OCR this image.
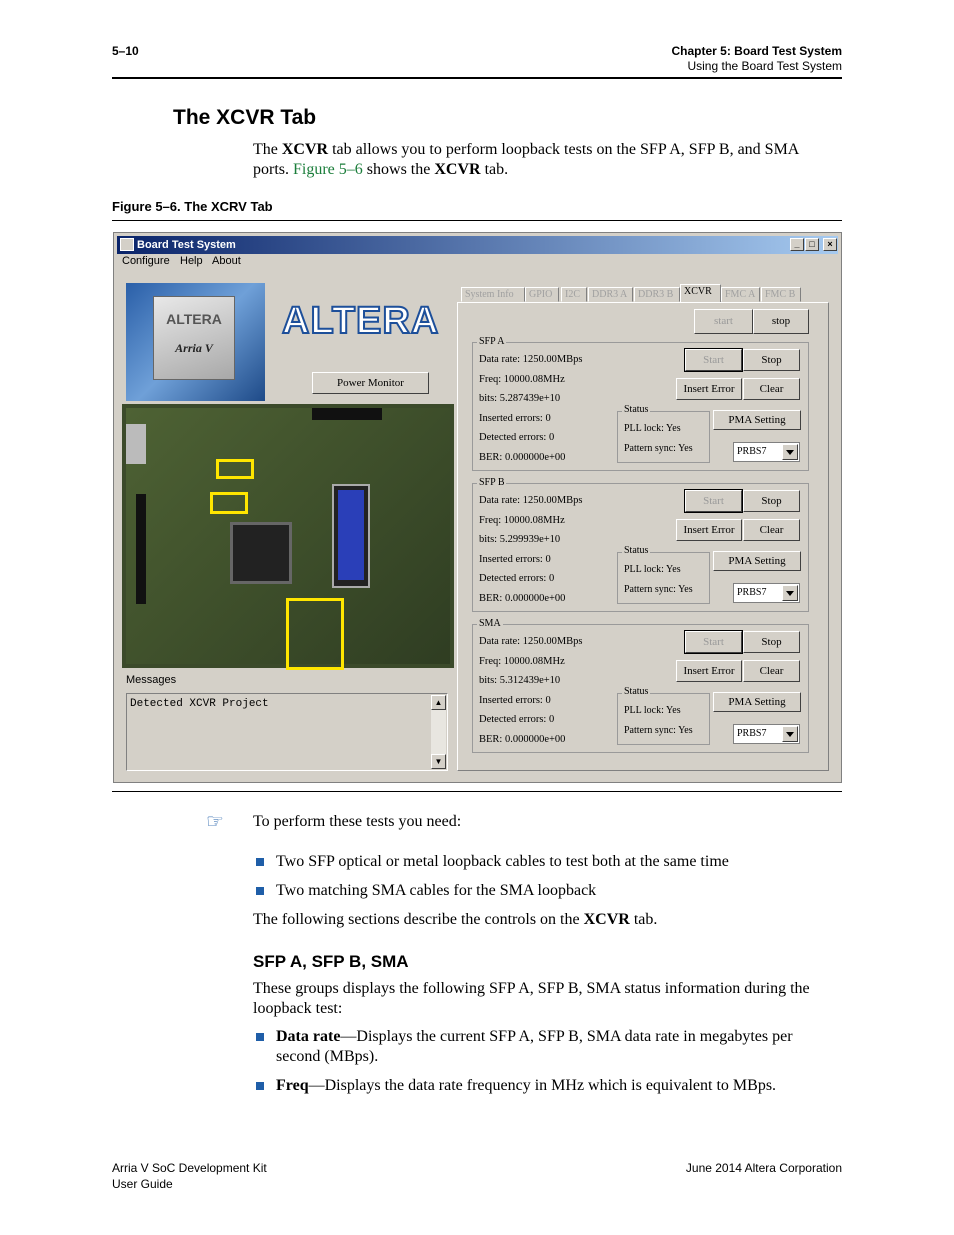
5–10	Chapter 5: Board Test System
Using the Board Test System
The XCVR Tab
The XCVR tab allows you to perform loopback tests on the SFP A, SFP B, and SMA
ports. Figure 5–6 shows the XCVR tab.
Figure 5–6. The XCRV Tab
Board Test System	_	□	×
Configure Help About
ALTERA
Arria V
ALTERA
Power Monitor
Messages
Detected XCVR Project	▲
▼
System Info	GPIO	I2C	DDR3 A	DDR3 B	XCVR	FMC A FMC B
start	stop
SFP A
Data rate: 1250.00MBps
Freq: 10000.08MHz
bits: 5.287439e+10
Inserted errors: 0
Detected errors: 0
BER: 0.000000e+00
Start	Stop
Insert Error	Clear
Status
PLL lock: Yes
Pattern sync: Yes
PMA Setting
PRBS7
SFP B
Data rate: 1250.00MBps
Freq: 10000.08MHz
bits: 5.299939e+10
Inserted errors: 0
Detected errors: 0
BER: 0.000000e+00
Start	Stop
Insert Error	Clear
Status
PLL lock: Yes
Pattern sync: Yes
PMA Setting
PRBS7
SMA
Data rate: 1250.00MBps
Freq: 10000.08MHz
bits: 5.312439e+10
Inserted errors: 0
Detected errors: 0
BER: 0.000000e+00
Start	Stop
Insert Error	Clear
Status
PLL lock: Yes
Pattern sync: Yes
PMA Setting
PRBS7
☞ To perform these tests you need:
Two SFP optical or metal loopback cables to test both at the same time
Two matching SMA cables for the SMA loopback
The following sections describe the controls on the XCVR tab.
SFP A, SFP B, SMA
These groups displays the following SFP A, SFP B, SMA status information during the
loopback test:
Data rate—Displays the current SFP A, SFP B, SMA data rate in megabytes per
second (MBps).
Freq—Displays the data rate frequency in MHz which is equivalent to MBps.
Arria V SoC Development Kit
User Guide
June 2014 Altera Corporation
